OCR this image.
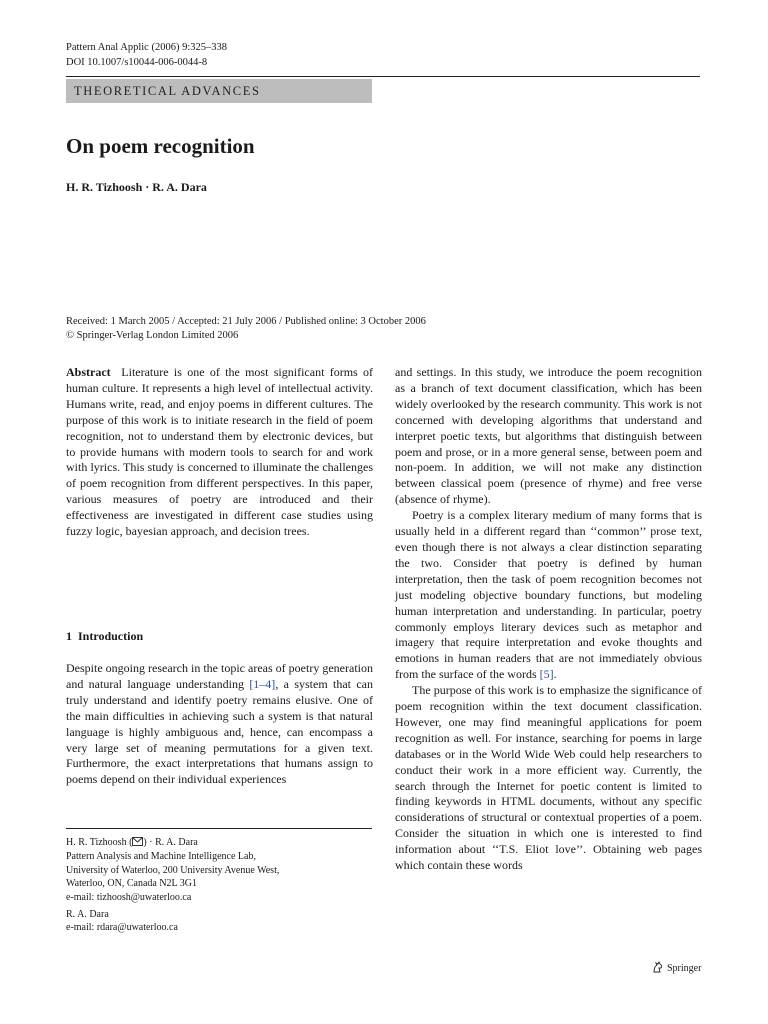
Pattern Anal Applic (2006) 9:325–338
DOI 10.1007/s10044-006-0044-8
THEORETICAL ADVANCES
On poem recognition
H. R. Tizhoosh · R. A. Dara
Received: 1 March 2005 / Accepted: 21 July 2006 / Published online: 3 October 2006
© Springer-Verlag London Limited 2006

Abstract Literature is one of the most significant forms of human culture. It represents a high level of intellectual activity. Humans write, read, and enjoy poems in different cultures. The purpose of this work is to initiate research in the field of poem recognition, not to understand them by electronic devices, but to provide humans with modern tools to search for and work with lyrics. This study is concerned to illuminate the challenges of poem recognition from different perspectives. In this paper, various measures of poetry are introduced and their effectiveness are investigated in different case studies using fuzzy logic, bayesian approach, and decision trees.

1 Introduction

Despite ongoing research in the topic areas of poetry generation and natural language understanding [1–4], a system that can truly understand and identify poetry remains elusive. One of the main difficulties in achieving such a system is that natural language is highly ambiguous and, hence, can encompass a very large set of meaning permutations for a given text. Furthermore, the exact interpretations that humans assign to poems depend on their individual experiences

and settings. In this study, we introduce the poem recognition as a branch of text document classification, which has been widely overlooked by the research community. This work is not concerned with developing algorithms that understand and interpret poetic texts, but algorithms that distinguish between poem and prose, or in a more general sense, between poem and non-poem. In addition, we will not make any distinction between classical poem (presence of rhyme) and free verse (absence of rhyme).

Poetry is a complex literary medium of many forms that is usually held in a different regard than ‘‘common’’ prose text, even though there is not always a clear distinction separating the two. Consider that poetry is defined by human interpretation, then the task of poem recognition becomes not just modeling objective boundary functions, but modeling human interpretation and understanding. In particular, poetry commonly employs literary devices such as metaphor and imagery that require interpretation and evoke thoughts and emotions in human readers that are not immediately obvious from the surface of the words [5].

The purpose of this work is to emphasize the significance of poem recognition within the text document classification. However, one may find meaningful applications for poem recognition as well. For instance, searching for poems in large databases or in the World Wide Web could help researchers to conduct their work in a more efficient way. Currently, the search through the Internet for poetic content is limited to finding keywords in HTML documents, without any specific considerations of structural or contextual properties of a poem. Consider the situation in which one is interested to find information about ‘‘T.S. Eliot love’’. Obtaining web pages which contain these words

H. R. Tizhoosh ( ) · R. A. Dara
Pattern Analysis and Machine Intelligence Lab,
University of Waterloo, 200 University Avenue West,
Waterloo, ON, Canada N2L 3G1
e-mail: tizhoosh@uwaterloo.ca
R. A. Dara
e-mail: rdara@uwaterloo.ca
Springer
